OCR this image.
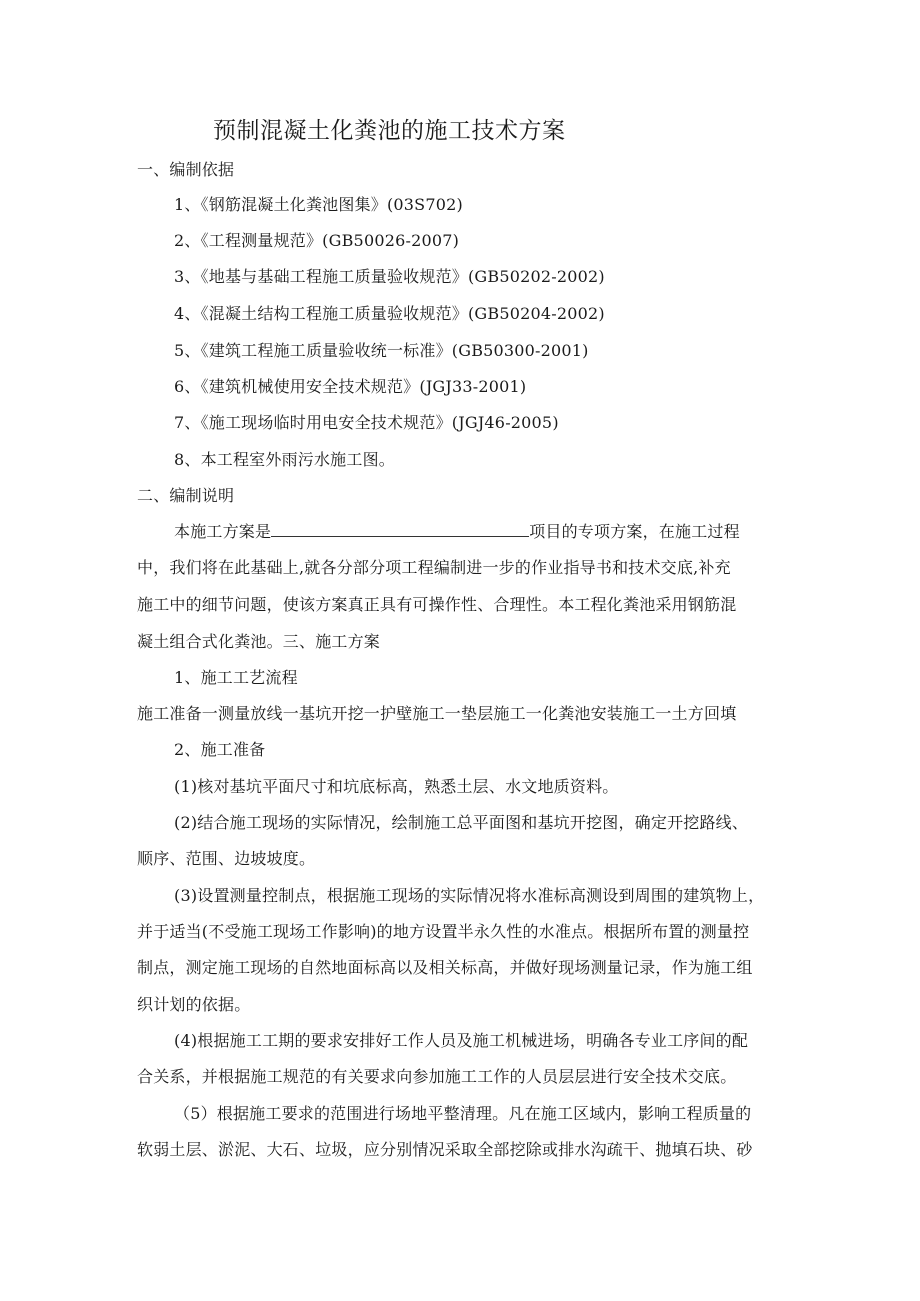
预制混凝土化粪池的施工技术方案
一、编制依据
1、《钢筋混凝土化粪池图集》(03S702)
2、《工程测量规范》(GB50026-2007)
3、《地基与基础工程施工质量验收规范》(GB50202-2002)
4、《混凝土结构工程施工质量验收规范》(GB50204-2002)
5、《建筑工程施工质量验收统一标准》(GB50300-2001)
6、《建筑机械使用安全技术规范》(JGJ33-2001)
7、《施工现场临时用电安全技术规范》(JGJ46-2005)
8、本工程室外雨污水施工图。
二、编制说明
本施工方案是	项目的专项方案，在施工过程
中，我们将在此基础上,就各分部分项工程编制进一步的作业指导书和技术交底,补充
施工中的细节问题，使该方案真正具有可操作性、合理性。本工程化粪池采用钢筋混
凝土组合式化粪池。三、施工方案
1、施工工艺流程
施工准备一测量放线一基坑开挖一护壁施工一垫层施工一化粪池安装施工一土方回填
2、施工准备
(1)核对基坑平面尺寸和坑底标高，熟悉土层、水文地质资料。
(2)结合施工现场的实际情况，绘制施工总平面图和基坑开挖图，确定开挖路线、
顺序、范围、边坡坡度。
(3)设置测量控制点，根据施工现场的实际情况将水准标高测设到周围的建筑物上，
并于适当(不受施工现场工作影响)的地方设置半永久性的水准点。根据所布置的测量控
制点，测定施工现场的自然地面标高以及相关标高，并做好现场测量记录，作为施工组
织计划的依据。
(4)根据施工工期的要求安排好工作人员及施工机械进场，明确各专业工序间的配
合关系，并根据施工规范的有关要求向参加施工工作的人员层层进行安全技术交底。
（5）根据施工要求的范围进行场地平整清理。凡在施工区域内，影响工程质量的
软弱土层、淤泥、大石、垃圾，应分别情况采取全部挖除或排水沟疏干、抛填石块、砂
